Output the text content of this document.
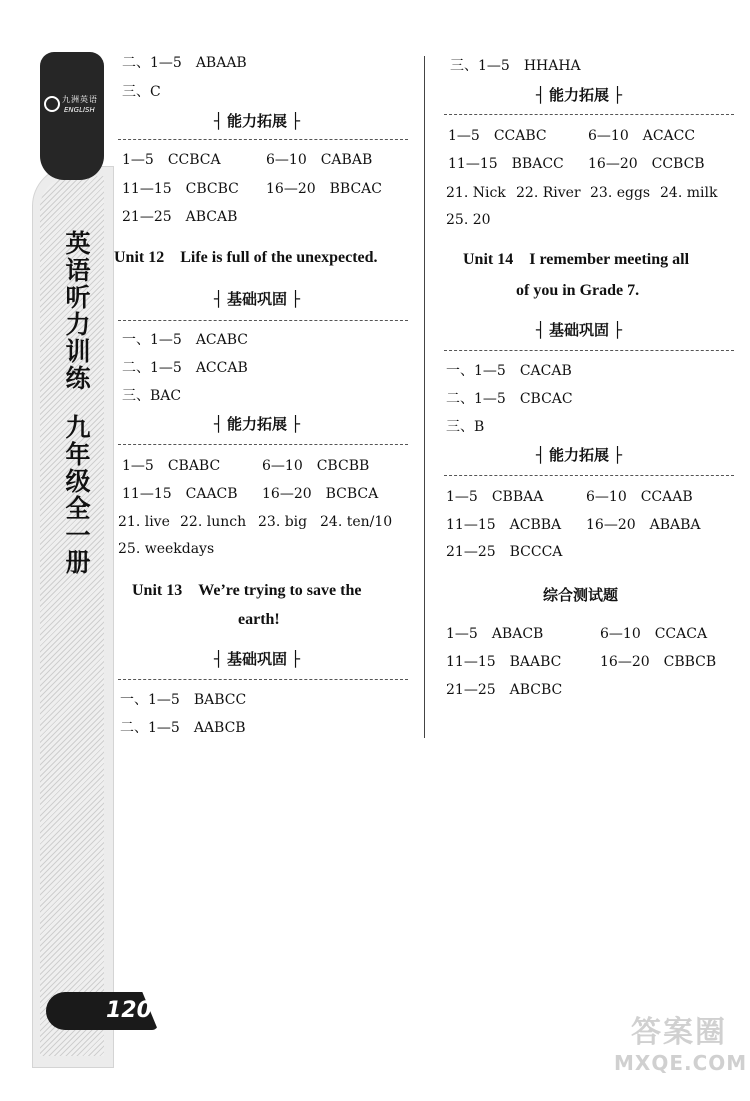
九洲英语
ENGLISH
英
语
听
力
训
练
九
年
级
全
一
册
120
二、1—5　ABAAB
三、C
┤ 能力拓展 ├
1—5　CCBCA	6—10　CABAB
11—15　CBCBC 16—20　BBCAC
21—25　ABCAB
Unit 12　Life is full of the unexpected.
┤ 基础巩固 ├
一、1—5　ACABC
二、1—5　ACCAB
三、BAC
┤ 能力拓展 ├
1—5　CBABC	6—10　CBCBB
11—15　CAACB 16—20　BCBCA
21. live 22. lunch 23. big 24. ten/10
25. weekdays
Unit 13　We’re trying to save the
earth!
┤ 基础巩固 ├
一、1—5　BABCC
二、1—5　AABCB
三、1—5　HHAHA
┤ 能力拓展 ├
1—5　CCABC	6—10　ACACC
11—15　BBACC 16—20　CCBCB
21. Nick 22. River 23. eggs 24. milk
25. 20
Unit 14　I remember meeting all
of you in Grade 7.
┤ 基础巩固 ├
一、1—5　CACAB
二、1—5　CBCAC
三、B
┤ 能力拓展 ├
1—5　CBBAA	6—10　CCAAB
11—15　ACBBA 16—20　ABABA
21—25　BCCCA
综合测试题
1—5　ABACB	6—10　CCACA
11—15　BAABC	16—20　CBBCB
21—25　ABCBC
答案圈
MXQE.COM
